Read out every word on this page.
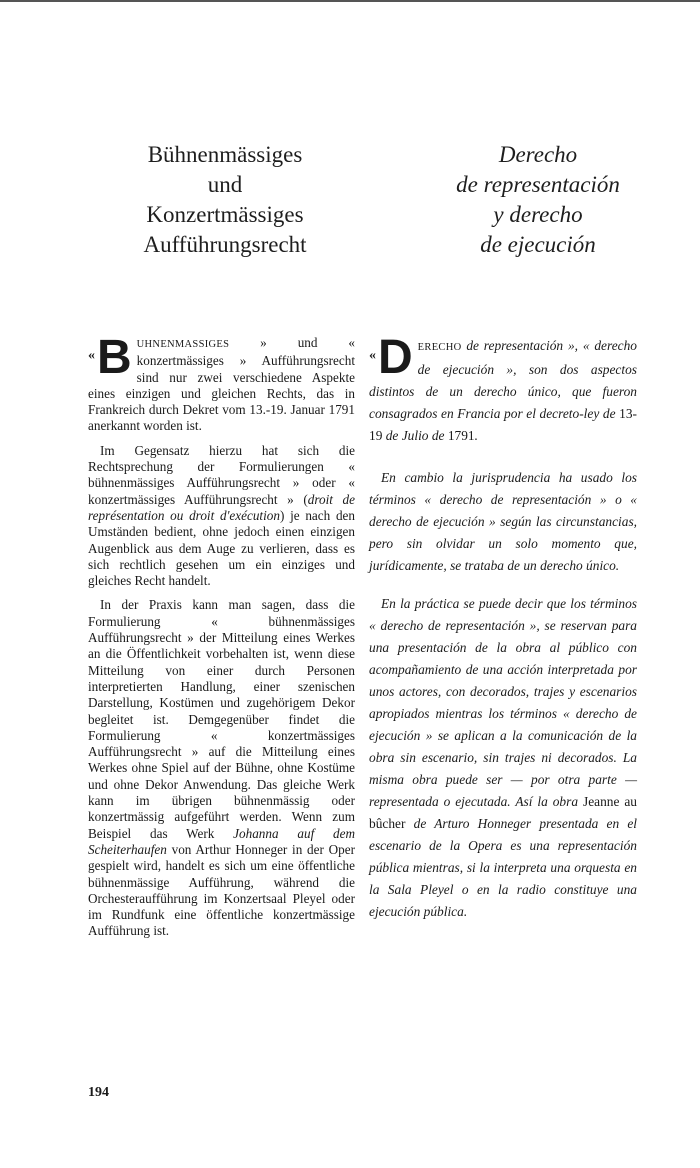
Bühnenmässiges
und
Konzertmässiges
Aufführungsrecht
Derecho
de representación
y derecho
de ejecución

« B UHNENMASSIGES » und « konzertmässiges » Aufführungsrecht sind nur zwei verschiedene Aspekte eines einzigen und gleichen Rechts, das in Frankreich durch Dekret vom 13.-19. Januar 1791 anerkannt worden ist.

Im Gegensatz hierzu hat sich die Rechtsprechung der Formulierungen « bühnenmässiges Aufführungsrecht » oder « konzertmässiges Aufführungsrecht » (droit de représentation ou droit d'exécution) je nach den Umständen bedient, ohne jedoch einen einzigen Augenblick aus dem Auge zu verlieren, dass es sich rechtlich gesehen um ein einziges und gleiches Recht handelt.

In der Praxis kann man sagen, dass die Formulierung « bühnenmässiges Aufführungsrecht » der Mitteilung eines Werkes an die Öffentlichkeit vorbehalten ist, wenn diese Mitteilung von einer durch Personen interpretierten Handlung, einer szenischen Darstellung, Kostümen und zugehörigem Dekor begleitet ist. Demgegenüber findet die Formulierung « konzertmässiges Aufführungsrecht » auf die Mitteilung eines Werkes ohne Spiel auf der Bühne, ohne Kostüme und ohne Dekor Anwendung. Das gleiche Werk kann im übrigen bühnenmässig oder konzertmässig aufgeführt werden. Wenn zum Beispiel das Werk Johanna auf dem Scheiterhaufen von Arthur Honneger in der Oper gespielt wird, handelt es sich um eine öffentliche bühnenmässige Aufführung, während die Orchesteraufführung im Konzertsaal Pleyel oder im Rundfunk eine öffentliche konzertmässige Aufführung ist.

« D ERECHO de representación », « derecho de ejecución », son dos aspectos distintos de un derecho único, que fueron consagrados en Francia por el decreto-ley de 13-19 de Julio de 1791.

En cambio la jurisprudencia ha usado los términos « derecho de representación » o « derecho de ejecución » según las circunstancias, pero sin olvidar un solo momento que, jurídicamente, se trataba de un derecho único.

En la práctica se puede decir que los términos « derecho de representación », se reservan para una presentación de la obra al público con acompañamiento de una acción interpretada por unos actores, con decorados, trajes y escenarios apropiados mientras los términos « derecho de ejecución » se aplican a la comunicación de la obra sin escenario, sin trajes ni decorados. La misma obra puede ser — por otra parte — representada o ejecutada. Así la obra Jeanne au bûcher de Arturo Honneger presentada en el escenario de la Opera es una representación pública mientras, si la interpreta una orquesta en la Sala Pleyel o en la radio constituye una ejecución pública.

194
